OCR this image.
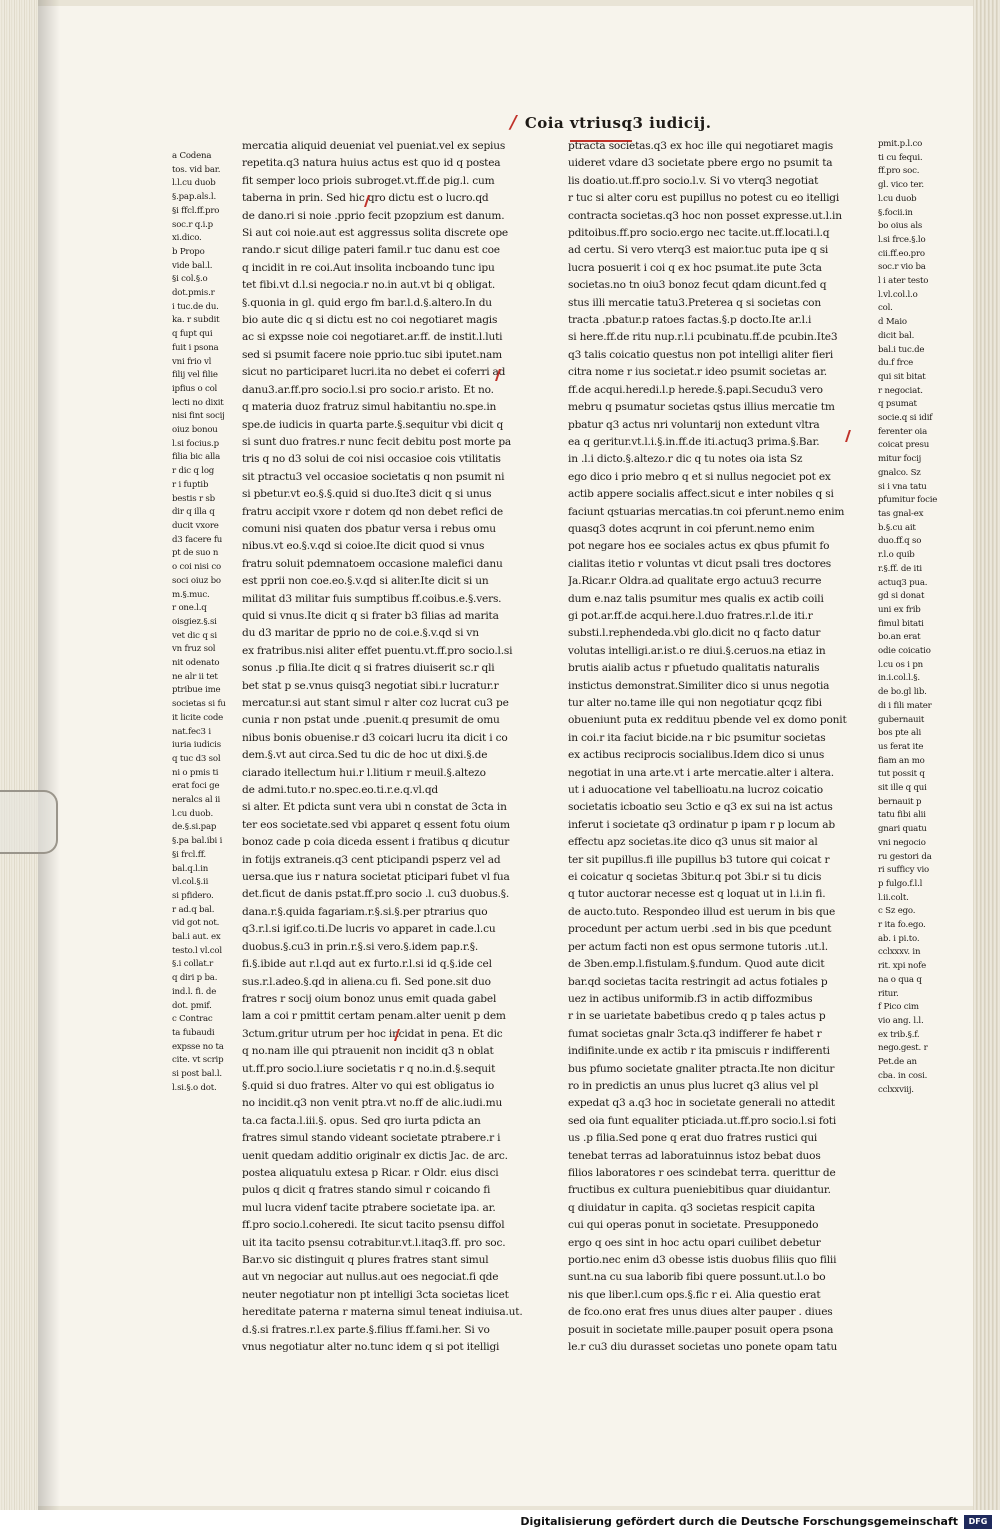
/ Coia vtriusq3 iudicij.
a Codena
tos. vid bar.
l.l.cu duob
§.pap.als.l.
§i ffcl.ff.pro
soc.r q.i.p
xi.dico.
b Propo
vide bal.l.
§i col.§.o
dot.pmis.r
i tuc.de du.
ka. r subdit
q fupt qui
fuit i psona
vni frio vl
filij vel filie
ipfius o col
lecti no dixit
nisi fint socij
oiuz bonou
l.si focius.p
filia bic alla
r dic q log
r i fuptib
bestis r sb
dir q illa q
ducit vxore
d3 facere fu
pt de suo n
o coi nisi co
soci oiuz bo
m.§.muc.
r one.l.q
oisgiez.§.si
vet dic q si
vn fruz sol
nit odenato
ne alr ii tet
ptribue ime
societas si fu
it licite code
nat.fec3 i
iuria iudicis
q tuc d3 sol
ni o pmis ti
erat foci ge
neralcs al ii
l.cu duob.
de.§.si.pap
§.pa bal.ibi i
§i frcl.ff.
bal.q.l.in
vl.col.§.ii
si pfidero.
r ad.q bal.
vid got not.
bal.i aut. ex
testo.l vl.col
§.i collat.r
q diri p ba.
ind.l. fi. de
dot. pmif.
c Contrac
ta fubaudi
expsse no ta
cite. vt scrip
si post bal.l.
l.si.§.o dot.
mercatia aliquid deueniat vel pueniat.vel ex sepius
repetita.q3 natura huius actus est quo id q postea
fit semper loco priois subroget.vt.ff.de pig.l. cum
taberna in prin. Sed hic qro dictu est o lucro.qd
de dano.ri si noie .pprio fecit pzopzium est danum.
Si aut coi noie.aut est aggressus solita discrete ope
rando.r sicut dilige pateri famil.r tuc danu est coe
q incidit in re coi.Aut insolita incboando tunc ipu
tet fibi.vt d.l.si negocia.r no.in aut.vt bi q obligat.
§.quonia in gl. quid ergo fm bar.l.d.§.altero.In du
bio aute dic q si dictu est no coi negotiaret magis
ac si expsse noie coi negotiaret.ar.ff. de instit.l.luti
sed si psumit facere noie pprio.tuc sibi iputet.nam
sicut no participaret lucri.ita no debet ei coferri ad
danu3.ar.ff.pro socio.l.si pro socio.r aristo. Et no.
q materia duoz fratruz simul habitantiu no.spe.in
spe.de iudicis in quarta parte.§.sequitur vbi dicit q
si sunt duo fratres.r nunc fecit debitu post morte pa
tris q no d3 solui de coi nisi occasioe cois vtilitatis
sit ptractu3 vel occasioe societatis q non psumit ni
si pbetur.vt eo.§.§.quid si duo.Ite3 dicit q si unus
fratru accipit vxore r dotem qd non debet refici de
comuni nisi quaten dos pbatur versa i rebus omu
nibus.vt eo.§.v.qd si coioe.Ite dicit quod si vnus
fratru soluit pdemnatoem occasione malefici danu
est pprii non coe.eo.§.v.qd si aliter.Ite dicit si un
militat d3 militar fuis sumptibus ff.coibus.e.§.vers.
quid si vnus.Ite dicit q si frater b3 filias ad marita
du d3 maritar de pprio no de coi.e.§.v.qd si vn
ex fratribus.nisi aliter effet puentu.vt.ff.pro socio.l.si
sonus .p filia.Ite dicit q si fratres diuiserit sc.r qli
bet stat p se.vnus quisq3 negotiat sibi.r lucratur.r
mercatur.si aut stant simul r alter coz lucrat cu3 pe
cunia r non pstat unde .puenit.q presumit de omu
nibus bonis obuenise.r d3 coicari lucru ita dicit i co
dem.§.vt aut circa.Sed tu dic de hoc ut dixi.§.de
ciarado itellectum hui.r l.litium r meuil.§.altezo
de admi.tuto.r no.spec.eo.ti.r.e.q.vl.qd
si alter. Et pdicta sunt vera ubi n constat de 3cta in
ter eos societate.sed vbi apparet q essent fotu oium
bonoz cade p coia diceda essent i fratibus q dicutur
in fotijs extraneis.q3 cent pticipandi psperz vel ad
uersa.que ius r natura societat pticipari fubet vl fua
det.ficut de danis pstat.ff.pro socio .l. cu3 duobus.§.
dana.r.§.quida fagariam.r.§.si.§.per ptrarius quo
q3.r.l.si igif.co.ti.De lucris vo apparet in cade.l.cu
duobus.§.cu3 in prin.r.§.si vero.§.idem pap.r.§.
fi.§.ibide aut r.l.qd aut ex furto.r.l.si id q.§.ide cel
sus.r.l.adeo.§.qd in aliena.cu fi. Sed pone.sit duo
fratres r socij oium bonoz unus emit quada gabel
lam a coi r pmittit certam penam.alter uenit p dem
3ctum.gritur utrum per hoc incidat in pena. Et dic
q no.nam ille qui ptrauenit non incidit q3 n oblat
ut.ff.pro socio.l.iure societatis r q no.in.d.§.sequit
§.quid si duo fratres. Alter vo qui est obligatus io
no incidit.q3 non venit ptra.vt no.ff de alic.iudi.mu
ta.ca facta.l.iii.§. opus. Sed qro iurta pdicta an
fratres simul stando videant societate ptrabere.r i
uenit quedam additio originalr ex dictis Jac. de arc.
postea aliquatulu extesa p Ricar. r Oldr. eius disci
pulos q dicit q fratres stando simul r coicando fi
mul lucra videnf tacite ptrabere societate ipa. ar.
ff.pro socio.l.coheredi. Ite sicut tacito psensu diffol
uit ita tacito psensu cotrabitur.vt.l.itaq3.ff. pro soc.
Bar.vo sic distinguit q plures fratres stant simul
aut vn negociar aut nullus.aut oes negociat.fi qde
neuter negotiatur non pt intelligi 3cta societas licet
hereditate paterna r materna simul teneat indiuisa.ut.
d.§.si fratres.r.l.ex parte.§.filius ff.fami.her. Si vo
vnus negotiatur alter no.tunc idem q si pot itelligi
ptracta societas.q3 ex hoc ille qui negotiaret magis
uideret vdare d3 societate pbere ergo no psumit ta
lis doatio.ut.ff.pro socio.l.v. Si vo vterq3 negotiat
r tuc si alter coru est pupillus no potest cu eo itelligi
contracta societas.q3 hoc non posset expresse.ut.l.in
pditoibus.ff.pro socio.ergo nec tacite.ut.ff.locati.l.q
ad certu. Si vero vterq3 est maior.tuc puta ipe q si
lucra posuerit i coi q ex hoc psumat.ite pute 3cta
societas.no tn oiu3 bonoz fecut qdam dicunt.fed q
stus illi mercatie tatu3.Preterea q si societas con
tracta .pbatur.p ratoes factas.§.p docto.Ite ar.l.i
si here.ff.de ritu nup.r.l.i pcubinatu.ff.de pcubin.Ite3
q3 talis coicatio questus non pot intelligi aliter fieri
citra nome r ius societat.r ideo psumit societas ar.
ff.de acqui.heredi.l.p herede.§.papi.Secudu3 vero
mebru q psumatur societas qstus illius mercatie tm
pbatur q3 actus nri voluntarij non extedunt vltra
ea q geritur.vt.l.i.§.in.ff.de iti.actuq3 prima.§.Bar.
in .l.i dicto.§.altezo.r dic q tu notes oia ista Sz
ego dico i prio mebro q et si nullus negociet pot ex
actib appere socialis affect.sicut e inter nobiles q si
faciunt qstuarias mercatias.tn coi pferunt.nemo enim
quasq3 dotes acqrunt in coi pferunt.nemo enim
pot negare hos ee sociales actus ex qbus pfumit fo
cialitas itetio r voluntas vt dicut psali tres doctores
Ja.Ricar.r Oldra.ad qualitate ergo actuu3 recurre
dum e.naz talis psumitur mes qualis ex actib coili
gi pot.ar.ff.de acqui.here.l.duo fratres.r.l.de iti.r
substi.l.rephendeda.vbi glo.dicit no q facto datur
volutas intelligi.ar.ist.o re diui.§.ceruos.na etiaz in
brutis aialib actus r pfuetudo qualitatis naturalis
instictus demonstrat.Similiter dico si unus negotia
tur alter no.tame ille qui non negotiatur qcqz fibi
obueniunt puta ex reddituu pbende vel ex domo ponit
in coi.r ita faciut bicide.na r bic psumitur societas
ex actibus reciprocis socialibus.Idem dico si unus
negotiat in una arte.vt i arte mercatie.alter i altera.
ut i aduocatione vel tabellioatu.na lucroz coicatio
societatis icboatio seu 3ctio e q3 ex sui na ist actus
inferut i societate q3 ordinatur p ipam r p locum ab
effectu apz societas.ite dico q3 unus sit maior al
ter sit pupillus.fi ille pupillus b3 tutore qui coicat r
ei coicatur q societas 3bitur.q pot 3bi.r si tu dicis
q tutor auctorar necesse est q loquat ut in l.i.in fi.
de aucto.tuto. Respondeo illud est uerum in bis que
procedunt per actum uerbi .sed in bis que pcedunt
per actum facti non est opus sermone tutoris .ut.l.
de 3ben.emp.l.fistulam.§.fundum. Quod aute dicit
bar.qd societas tacita restringit ad actus fotiales p
uez in actibus uniformib.f3 in actib diffozmibus
r in se uarietate babetibus credo q p tales actus p
fumat societas gnalr 3cta.q3 indifferer fe habet r
indifinite.unde ex actib r ita pmiscuis r indifferenti
bus pfumo societate gnaliter ptracta.Ite non dicitur
ro in predictis an unus plus lucret q3 alius vel pl
expedat q3 a.q3 hoc in societate generali no attedit
sed oia funt equaliter pticiada.ut.ff.pro socio.l.si foti
us .p filia.Sed pone q erat duo fratres rustici qui
tenebat terras ad laboratuinnus istoz bebat duos
filios laboratores r oes scindebat terra. querittur de
fructibus ex cultura pueniebitibus quar diuidantur.
q diuidatur in capita. q3 societas respicit capita
cui qui operas ponut in societate. Presupponedo
ergo q oes sint in hoc actu opari cuilibet debetur
portio.nec enim d3 obesse istis duobus filiis quo filii
sunt.na cu sua laborib fibi quere possunt.ut.l.o bo
nis que liber.l.cum ops.§.fic r ei. Alia questio erat
de fco.ono erat fres unus diues alter pauper . diues
posuit in societate mille.pauper posuit opera psona
le.r cu3 diu durasset societas uno ponete opam tatu
pmit.p.l.co
ti cu fequi.
ff.pro soc.
gl. vico ter.
l.cu duob
§.focii.in
bo oius als
l.si frce.§.lo
cii.ff.eo.pro
soc.r vio ba
l i ater testo
l.vl.col.l.o
col.
d Maio
dicit bal.
bal.i tuc.de
du.f frce
qui sit bitat
r negociat.
q psumat
socie.q si idif
ferenter oia
coicat presu
mitur focij
gnalco. Sz
si i vna tatu
pfumitur focie
tas gnal-ex
b.§.cu ait
duo.ff.q so
r.l.o quib
r.§.ff. de iti
actuq3 pua.
gd si donat
uni ex frib
fimul bitati
bo.an erat
odie coicatio
l.cu os i pn
in.i.col.l.§.
de bo.gl lib.
di i fili mater
gubernauit
bos pte ali
us ferat ite
fiam an mo
tut possit q
sit ille q qui
bernauit p
tatu fibi alii
gnari quatu
vni negocio
ru gestori da
ri sufficy vio
p fulgo.f.l.l
l.ii.colt.
c Sz ego.
r ita fo.ego.
ab. i pi.to.
cclxxxv. in
rit. xpi nofe
na o qua q
ritur.
f Pico cim
vio ang. l.l.
ex trib.§.f.
nego.gest. r
Pet.de an
cba. in cosi.
cclxxviij.
Digitalisierung gefördert durch die Deutsche Forschungsgemeinschaft	DFG
